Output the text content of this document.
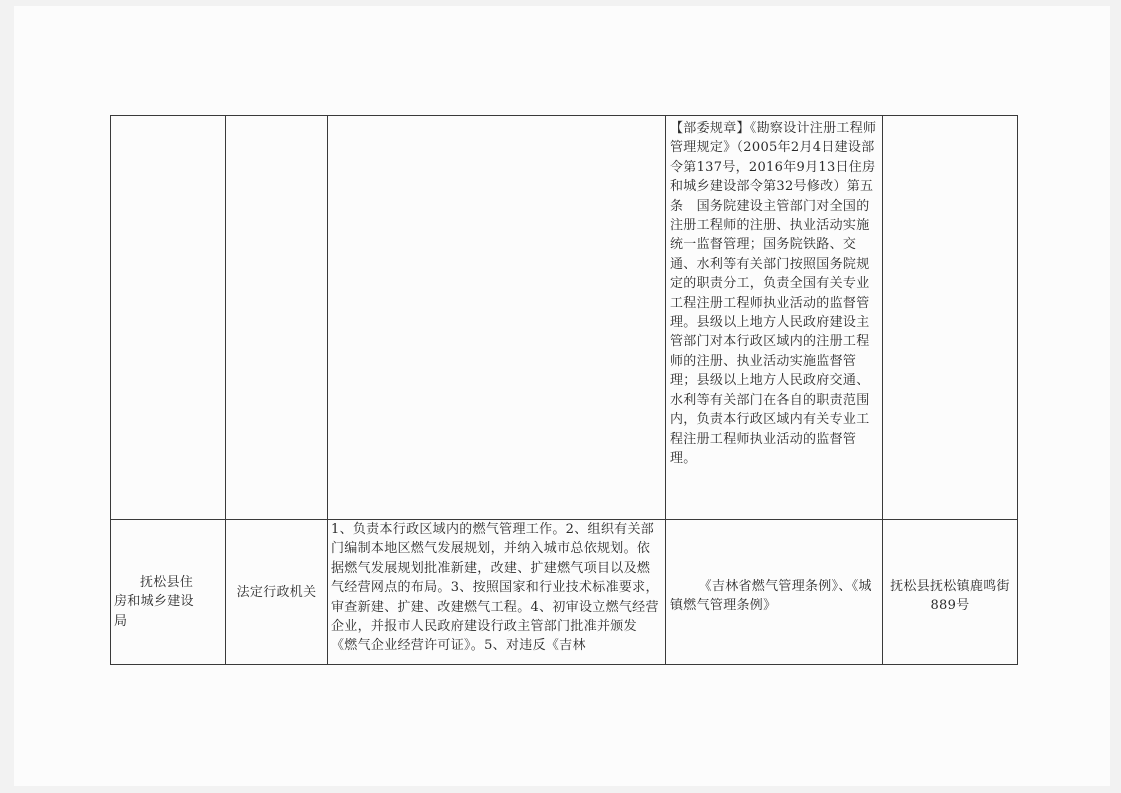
【部委规章】《勘察设计注册工程师管理规定》（2005年2月4日建设部令第137号，2016年9月13日住房和城乡建设部令第32号修改）第五条　国务院建设主管部门对全国的注册工程师的注册、执业活动实施统一监督管理；国务院铁路、交通、水利等有关部门按照国务院规定的职责分工，负责全国有关专业工程注册工程师执业活动的监督管理。县级以上地方人民政府建设主管部门对本行政区域内的注册工程师的注册、执业活动实施监督管理；县级以上地方人民政府交通、水利等有关部门在各自的职责范围内，负责本行政区域内有关专业工程注册工程师执业活动的监督管理。
抚松县住
房和城乡建设
局
法定行政机关
1、负责本行政区域内的燃气管理工作。2、组织有关部门编制本地区燃气发展规划，并纳入城市总依规划。依据燃气发展规划批准新建，改建、扩建燃气项目以及燃气经营网点的布局。3、按照国家和行业技术标准要求，审查新建、扩建、改建燃气工程。4、初审设立燃气经营企业，并报市人民政府建设行政主管部门批准并颁发《燃气企业经营许可证》。5、对违反《吉林
《吉林省燃气管理条例》、《城镇燃气管理条例》
抚松县抚松镇鹿鸣街889号
